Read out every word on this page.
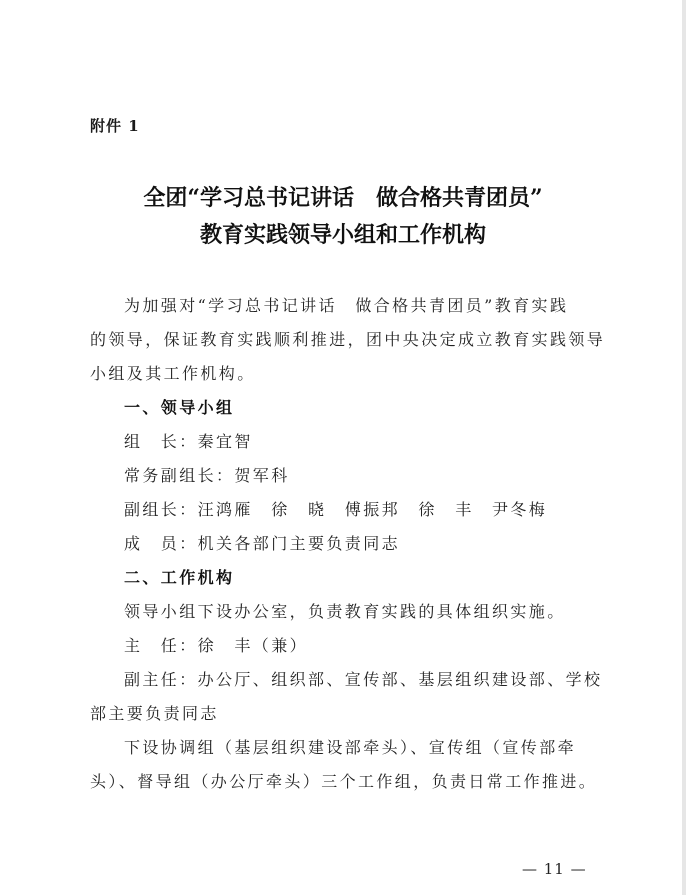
附件 1
全团“学习总书记讲话　做合格共青团员”
教育实践领导小组和工作机构
为加强对“学习总书记讲话　做合格共青团员”教育实践
的领导，保证教育实践顺利推进，团中央决定成立教育实践领导
小组及其工作机构。
一、领导小组
组　长：秦宜智
常务副组长：贺军科
副组长：汪鸿雁　徐　晓　傅振邦　徐　丰　尹冬梅
成　员：机关各部门主要负责同志
二、工作机构
领导小组下设办公室，负责教育实践的具体组织实施。
主　任：徐　丰（兼）
副主任：办公厅、组织部、宣传部、基层组织建设部、学校
部主要负责同志
下设协调组（基层组织建设部牵头）、宣传组（宣传部牵
头）、督导组（办公厅牵头）三个工作组，负责日常工作推进。
— 11 —
